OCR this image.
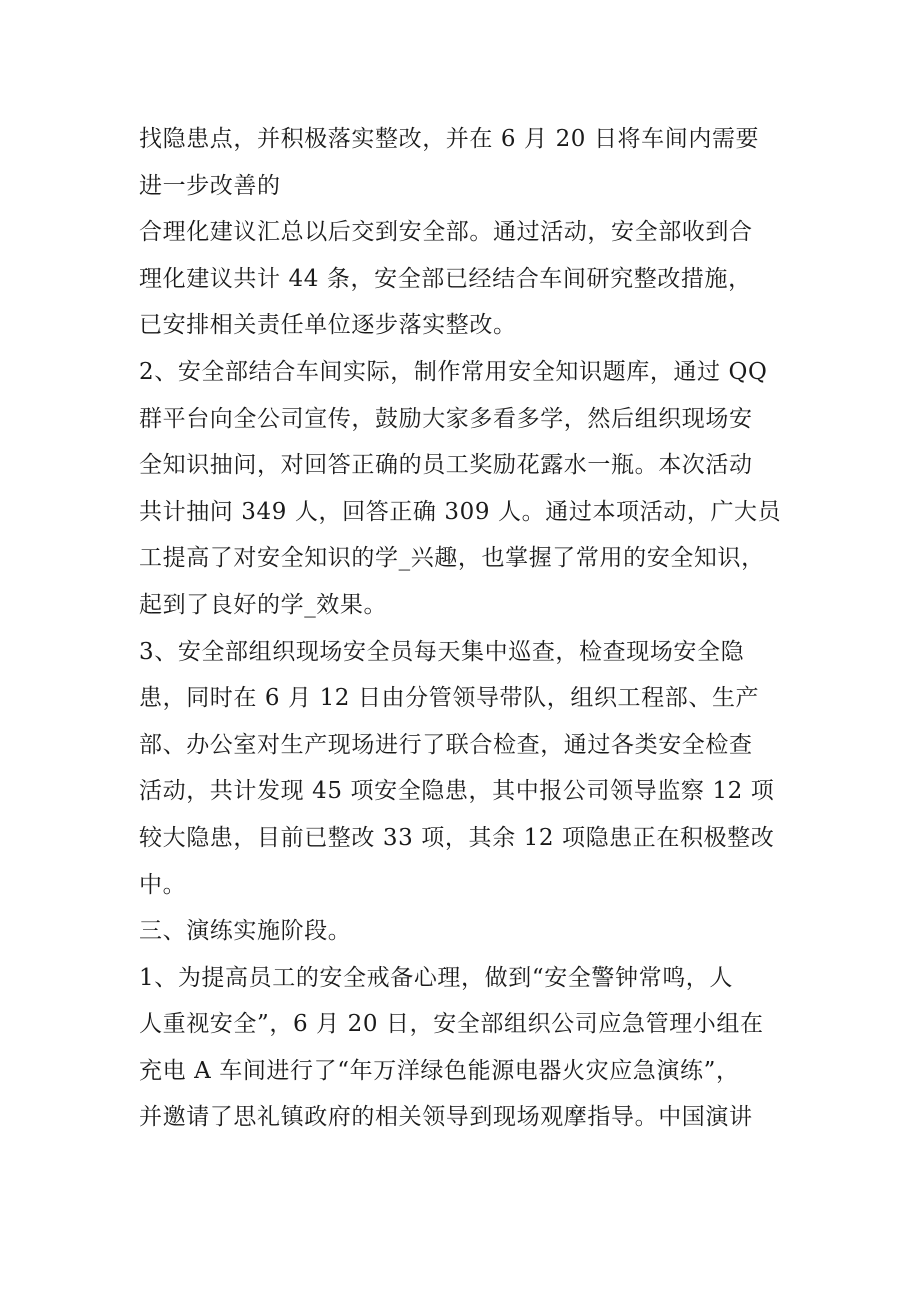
找隐患点，并积极落实整改，并在 6 月 20 日将车间内需要
进一步改善的
合理化建议汇总以后交到安全部。通过活动，安全部收到合
理化建议共计 44 条，安全部已经结合车间研究整改措施，
已安排相关责任单位逐步落实整改。
2、安全部结合车间实际，制作常用安全知识题库，通过 QQ
群平台向全公司宣传，鼓励大家多看多学，然后组织现场安
全知识抽问，对回答正确的员工奖励花露水一瓶。本次活动
共计抽问 349 人，回答正确 309 人。通过本项活动，广大员
工提高了对安全知识的学_兴趣，也掌握了常用的安全知识，
起到了良好的学_效果。
3、安全部组织现场安全员每天集中巡查，检查现场安全隐
患，同时在 6 月 12 日由分管领导带队，组织工程部、生产
部、办公室对生产现场进行了联合检查，通过各类安全检查
活动，共计发现 45 项安全隐患，其中报公司领导监察 12 项
较大隐患，目前已整改 33 项，其余 12 项隐患正在积极整改
中。
三、演练实施阶段。
1、为提高员工的安全戒备心理，做到“安全警钟常鸣，人
人重视安全”，6 月 20 日，安全部组织公司应急管理小组在
充电 A 车间进行了“年万洋绿色能源电器火灾应急演练”，
并邀请了思礼镇政府的相关领导到现场观摩指导。中国演讲
